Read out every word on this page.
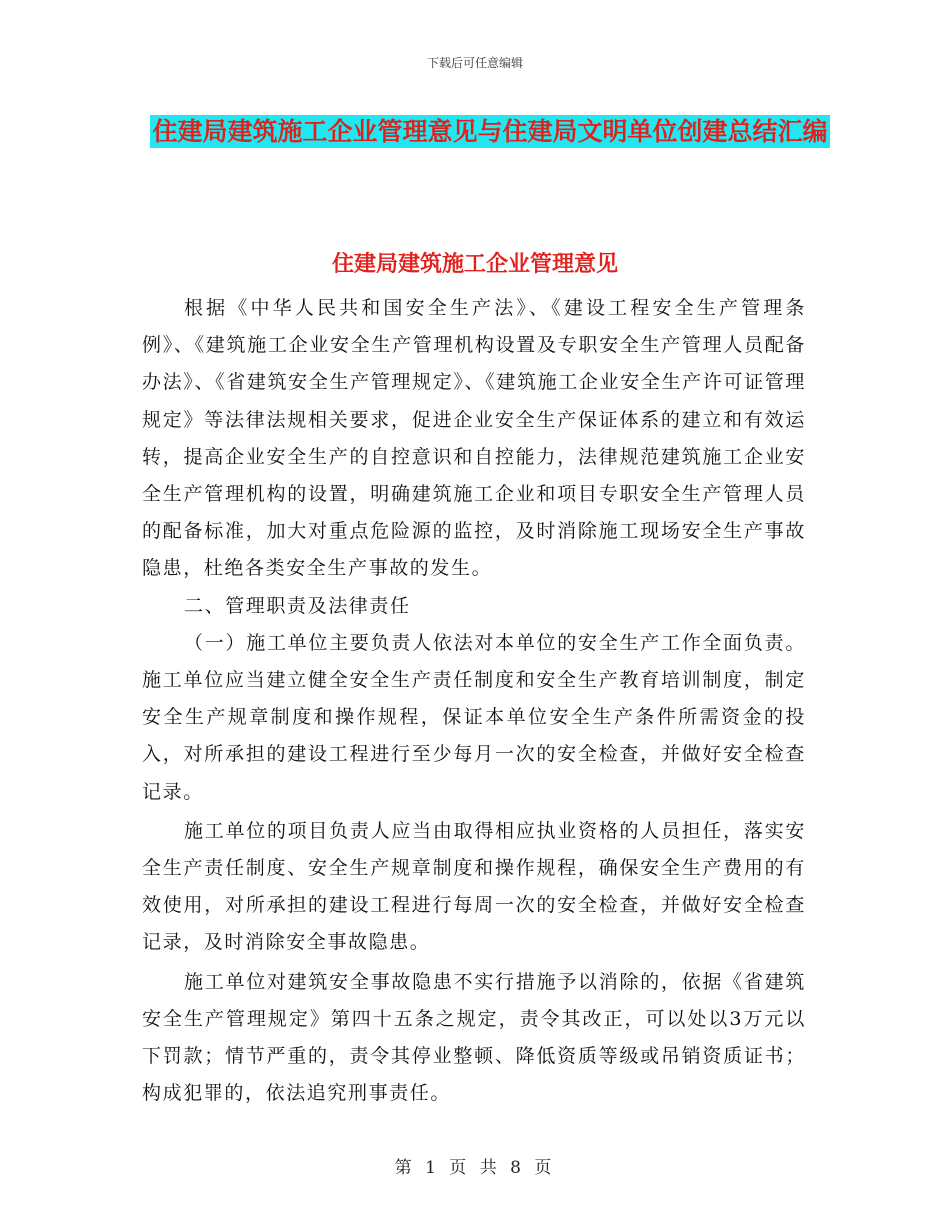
下载后可任意编辑
住建局建筑施工企业管理意见与住建局文明单位创建总结汇编
住建局建筑施工企业管理意见

根据《中华人民共和国安全生产法》、《建设工程安全生产管理条例》、《建筑施工企业安全生产管理机构设置及专职安全生产管理人员配备办法》、《省建筑安全生产管理规定》、《建筑施工企业安全生产许可证管理规定》等法律法规相关要求，促进企业安全生产保证体系的建立和有效运转，提高企业安全生产的自控意识和自控能力，法律规范建筑施工企业安全生产管理机构的设置，明确建筑施工企业和项目专职安全生产管理人员的配备标准，加大对重点危险源的监控，及时消除施工现场安全生产事故隐患，杜绝各类安全生产事故的发生。

二、管理职责及法律责任

（一）施工单位主要负责人依法对本单位的安全生产工作全面负责。施工单位应当建立健全安全生产责任制度和安全生产教育培训制度，制定安全生产规章制度和操作规程，保证本单位安全生产条件所需资金的投入，对所承担的建设工程进行至少每月一次的安全检查，并做好安全检查记录。

施工单位的项目负责人应当由取得相应执业资格的人员担任，落实安全生产责任制度、安全生产规章制度和操作规程，确保安全生产费用的有效使用，对所承担的建设工程进行每周一次的安全检查，并做好安全检查记录，及时消除安全事故隐患。

施工单位对建筑安全事故隐患不实行措施予以消除的，依据《省建筑安全生产管理规定》第四十五条之规定，责令其改正，可以处以3万元以下罚款；情节严重的，责令其停业整顿、降低资质等级或吊销资质证书；构成犯罪的，依法追究刑事责任。

第 1 页 共 8 页
